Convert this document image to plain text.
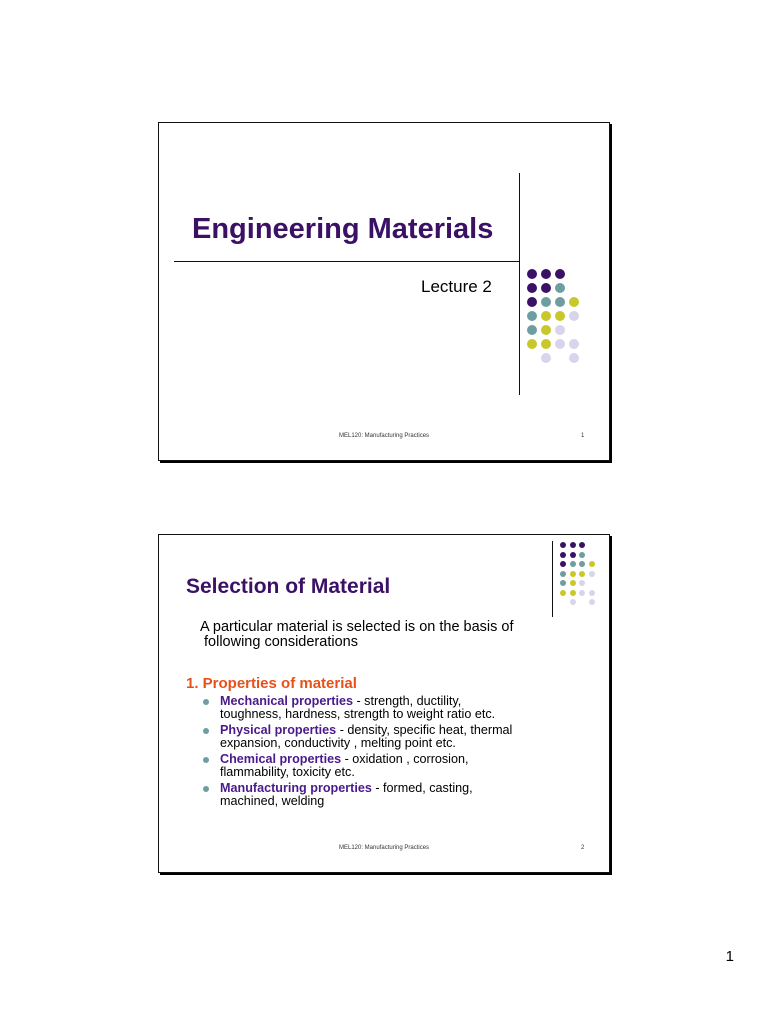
Engineering Materials
Lecture 2
MEL120: Manufacturing Practices	1
Selection of Material
A particular material is selected is on the basis of
following considerations
1. Properties of material
Mechanical properties - strength, ductility,
toughness, hardness, strength to weight ratio etc.
Physical properties - density, specific heat, thermal
expansion, conductivity , melting point etc.
Chemical properties - oxidation , corrosion,
flammability, toxicity etc.
Manufacturing properties - formed, casting,
machined, welding
MEL120: Manufacturing Practices	2
1
